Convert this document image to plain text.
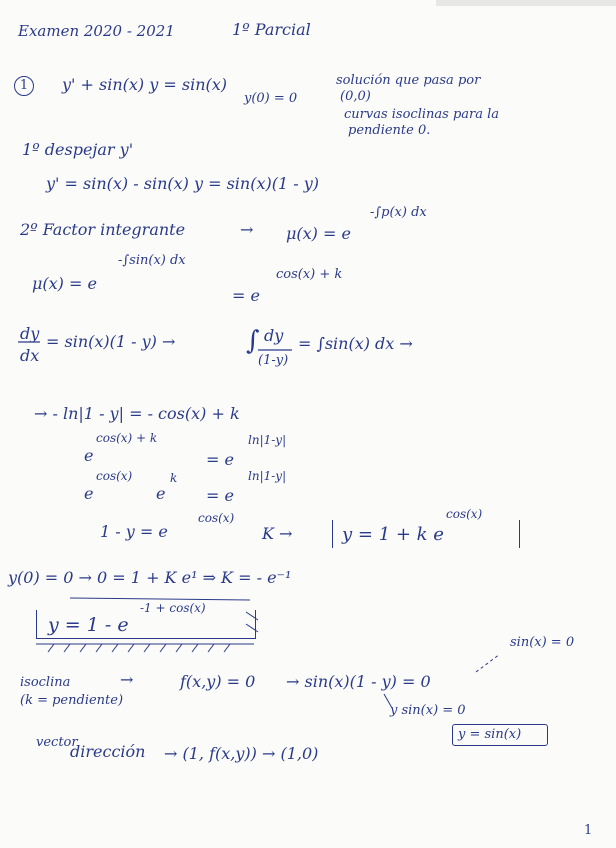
Examen 2020 - 2021	1º Parcial
1	y' + sin(x) y = sin(x)
y(0) = 0
solución que pasa por
(0,0)
curvas isoclinas para la
pendiente 0.
1º despejar y'
y' = sin(x) - sin(x) y = sin(x)(1 - y)
2º Factor integrante	→ μ(x) = e
-∫p(x) dx
μ(x) = e
-∫sin(x) dx
= e
cos(x) + k
dy
dx
= sin(x)(1 - y) →	∫ dy
(1-y)
= ∫sin(x) dx →
→ - ln|1 - y| = - cos(x) + k
e
cos(x) + k
= e
ln|1-y|
e
cos(x)
e
k
= e
ln|1-y|
1 - y = e
cos(x)
K →	y = 1 + k e
cos(x)
y(0) = 0 → 0 = 1 + K e¹ ⇒ K = - e⁻¹
y = 1 - e
-1 + cos(x)
isoclina
(k = pendiente)
→	f(x,y) = 0 → sin(x)(1 - y) = 0
sin(x) = 0
y sin(x) = 0
y = sin(x)
vector
dirección → (1, f(x,y)) → (1,0)
1
